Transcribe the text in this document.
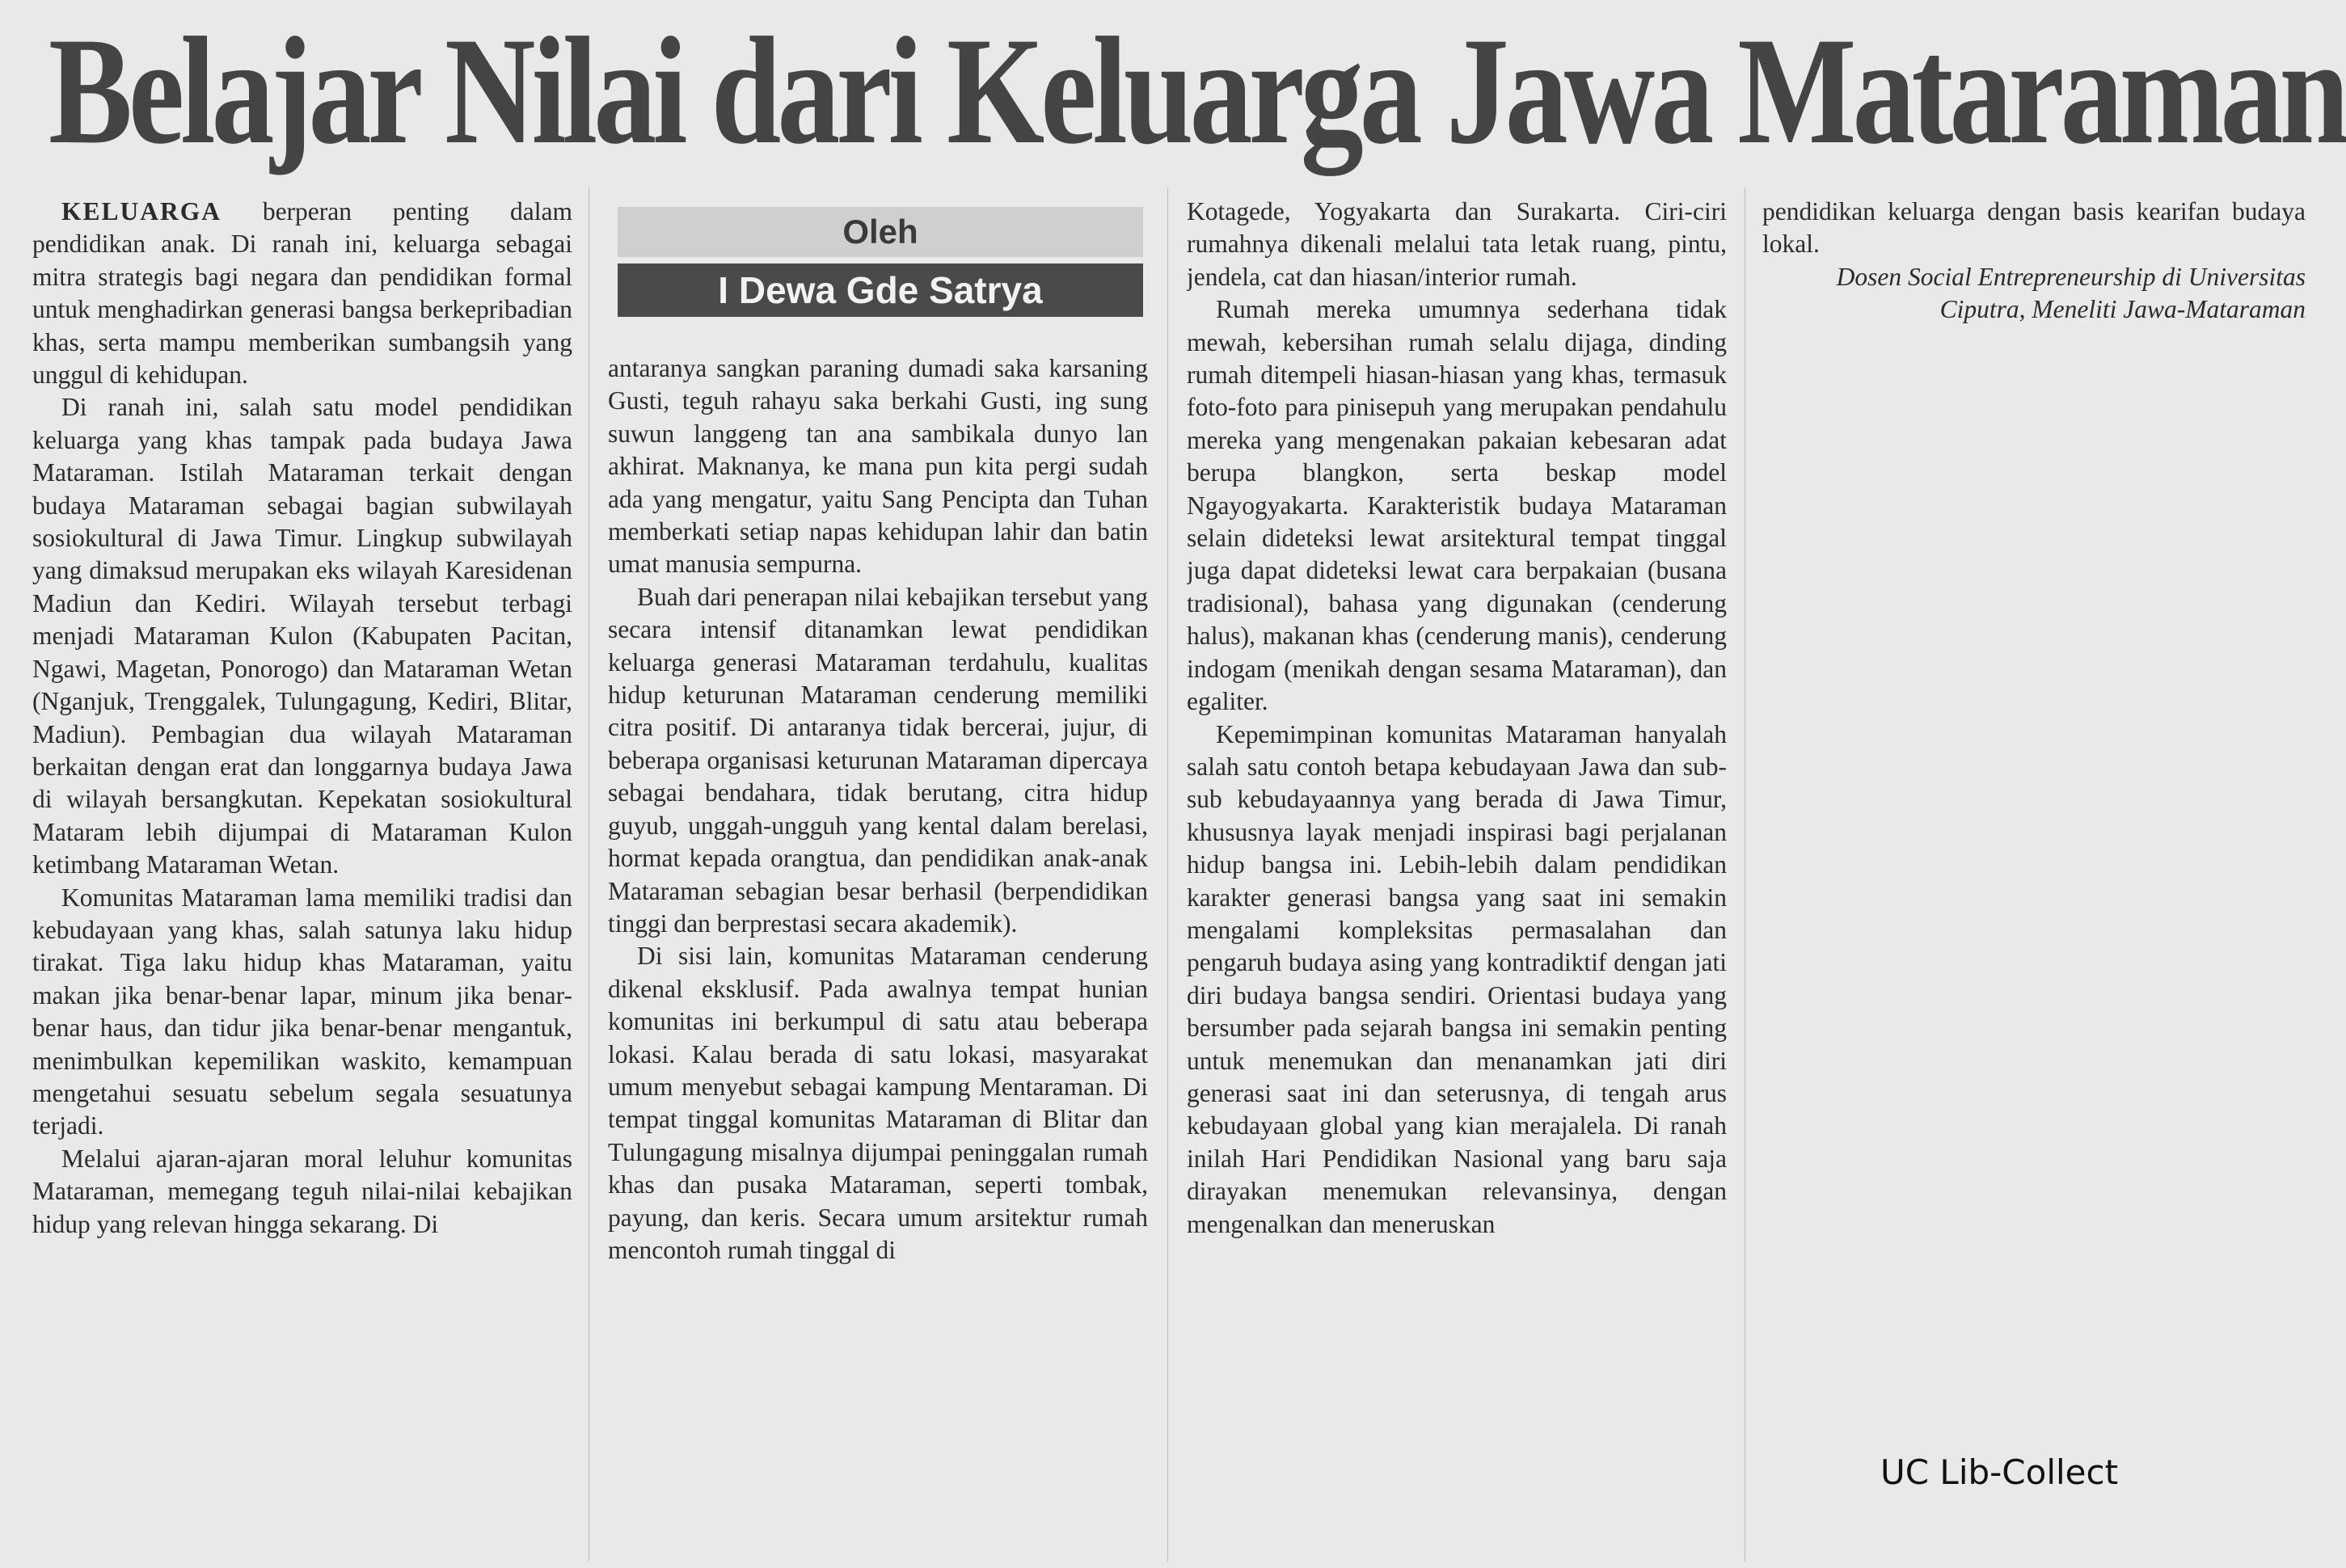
Belajar Nilai dari Keluarga Jawa Mataraman
Oleh
I Dewa Gde Satrya

KELUARGA berperan penting dalam pendidikan anak. Di ranah ini, keluarga sebagai mitra strategis bagi negara dan pendidikan formal untuk menghadirkan generasi bangsa berkepribadian khas, serta mampu memberikan sumbangsih yang unggul di kehidupan.

Di ranah ini, salah satu model pendidikan keluarga yang khas tampak pada budaya Jawa Mataraman. Istilah Mataraman terkait dengan budaya Mataraman sebagai bagian subwilayah sosiokultural di Jawa Timur. Lingkup subwilayah yang dimaksud merupakan eks wilayah Karesidenan Madiun dan Kediri. Wilayah tersebut terbagi menjadi Mataraman Kulon (Kabupaten Pacitan, Ngawi, Magetan, Ponorogo) dan Mataraman Wetan (Nganjuk, Trenggalek, Tulungagung, Kediri, Blitar, Madiun). Pembagian dua wilayah Mataraman berkaitan dengan erat dan longgarnya budaya Jawa di wilayah bersangkutan. Kepekatan sosiokultural Mataram lebih dijumpai di Mataraman Kulon ketimbang Mataraman Wetan.

Komunitas Mataraman lama memiliki tradisi dan kebudayaan yang khas, salah satunya laku hidup tirakat. Tiga laku hidup khas Mataraman, yaitu makan jika benar-benar lapar, minum jika benar-benar haus, dan tidur jika benar-benar mengantuk, menimbulkan kepemilikan waskito, kemampuan mengetahui sesuatu sebelum segala sesuatunya terjadi.

Melalui ajaran-ajaran moral leluhur komunitas Mataraman, memegang teguh nilai-nilai kebajikan hidup yang relevan hingga sekarang. Di

antaranya sangkan paraning dumadi saka karsaning Gusti, teguh rahayu saka berkahi Gusti, ing sung suwun langgeng tan ana sambikala dunyo lan akhirat. Maknanya, ke mana pun kita pergi sudah ada yang mengatur, yaitu Sang Pencipta dan Tuhan memberkati setiap napas kehidupan lahir dan batin umat manusia sempurna.

Buah dari penerapan nilai kebajikan tersebut yang secara intensif ditanamkan lewat pendidikan keluarga generasi Mataraman terdahulu, kualitas hidup keturunan Mataraman cenderung memiliki citra positif. Di antaranya tidak bercerai, jujur, di beberapa organisasi keturunan Mataraman dipercaya sebagai bendahara, tidak berutang, citra hidup guyub, unggah-ungguh yang kental dalam berelasi, hormat kepada orangtua, dan pendidikan anak-anak Mataraman sebagian besar berhasil (berpendidikan tinggi dan berprestasi secara akademik).

Di sisi lain, komunitas Mataraman cenderung dikenal eksklusif. Pada awalnya tempat hunian komunitas ini berkumpul di satu atau beberapa lokasi. Kalau berada di satu lokasi, masyarakat umum menyebut sebagai kampung Mentaraman. Di tempat tinggal komunitas Mataraman di Blitar dan Tulungagung misalnya dijumpai peninggalan rumah khas dan pusaka Mataraman, seperti tombak, payung, dan keris. Secara umum arsitektur rumah mencontoh rumah tinggal di

Kotagede, Yogyakarta dan Surakarta. Ciri-ciri rumahnya dikenali melalui tata letak ruang, pintu, jendela, cat dan hiasan/interior rumah.

Rumah mereka umumnya sederhana tidak mewah, kebersihan rumah selalu dijaga, dinding rumah ditempeli hiasan-hiasan yang khas, termasuk foto-foto para pinisepuh yang merupakan pendahulu mereka yang mengenakan pakaian kebesaran adat berupa blangkon, serta beskap model Ngayogyakarta. Karakteristik budaya Mataraman selain dideteksi lewat arsitektural tempat tinggal juga dapat dideteksi lewat cara berpakaian (busana tradisional), bahasa yang digunakan (cenderung halus), makanan khas (cenderung manis), cenderung indogam (menikah dengan sesama Mataraman), dan egaliter.

Kepemimpinan komunitas Mataraman hanyalah salah satu contoh betapa kebudayaan Jawa dan sub-sub kebudayaannya yang berada di Jawa Timur, khususnya layak menjadi inspirasi bagi perjalanan hidup bangsa ini. Lebih-lebih dalam pendidikan karakter generasi bangsa yang saat ini semakin mengalami kompleksitas permasalahan dan pengaruh budaya asing yang kontradiktif dengan jati diri budaya bangsa sendiri. Orientasi budaya yang bersumber pada sejarah bangsa ini semakin penting untuk menemukan dan menanamkan jati diri generasi saat ini dan seterusnya, di tengah arus kebudayaan global yang kian merajalela. Di ranah inilah Hari Pendidikan Nasional yang baru saja dirayakan menemukan relevansinya, dengan mengenalkan dan meneruskan

pendidikan keluarga dengan basis kearifan budaya lokal.

Dosen Social Entrepreneurship di Universitas Ciputra, Meneliti Jawa-Mataraman

UC Lib-Collect
